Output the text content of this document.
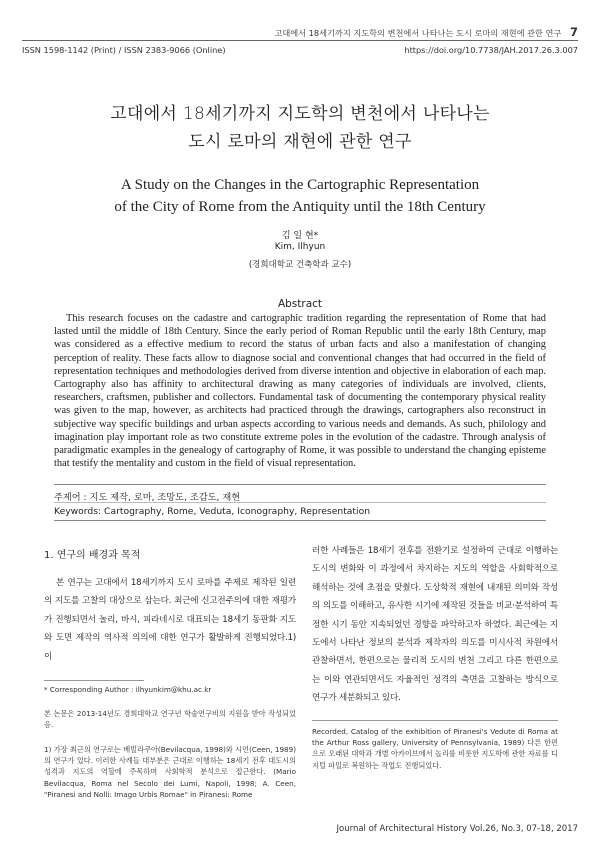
고대에서 18세기까지 지도학의 변천에서 나타나는 도시 로마의 재현에 관한 연구 7
ISSN 1598-1142 (Print) / ISSN 2383-9066 (Online)	https://doi.org/10.7738/JAH.2017.26.3.007
고대에서 18세기까지 지도학의 변천에서 나타나는
도시 로마의 재현에 관한 연구
A Study on the Changes in the Cartographic Representation
of the City of Rome from the Antiquity until the 18th Century
김 일 현*
Kim, Ilhyun
(경희대학교 건축학과 교수)
Abstract
This research focuses on the cadastre and cartographic tradition regarding the representation of Rome that had lasted until the middle of 18th Century. Since the early period of Roman Republic until the early 18th Century, map was considered as a effective medium to record the status of urban facts and also a manifestation of changing perception of reality. These facts allow to diagnose social and conventional changes that had occurred in the field of representation techniques and methodologies derived from diverse intention and objective in elaboration of each map. Cartography also has affinity to architectural drawing as many categories of individuals are involved, clients, researchers, craftsmen, publisher and collectors. Fundamental task of documenting the contemporary physical reality was given to the map, however, as architects had practiced through the drawings, cartographers also reconstruct in subjective way specific buildings and urban aspects according to various needs and demands. As such, philology and imagination play important role as two constitute extreme poles in the evolution of the cadastre. Through analysis of paradigmatic examples in the genealogy of cartography of Rome, it was possible to understand the changing episteme that testify the mentality and custom in the field of visual representation.
주제어 : 지도 제작, 로마, 조망도, 조감도, 재현
Keywords: Cartography, Rome, Veduta, Iconography, Representation
1. 연구의 배경과 목적
본 연구는 고대에서 18세기까지 도시 로마를 주제로 제작된 일련의 지도를 고찰의 대상으로 삼는다. 최근에 신고전주의에 대한 재평가가 진행되면서 놀리, 바시, 피라네시로 대표되는 18세기 동판화 지도와 도면 제작의 역사적 의의에 대한 연구가 활발하게 진행되었다.1) 이
러한 사례들은 18세기 전후를 전환기로 설정하여 근대로 이행하는 도시의 변화와 이 과정에서 차지하는 지도의 역할을 사회학적으로 해석하는 것에 초점을 맞췄다. 도상학적 재현에 내재된 의미와 작성의 의도를 이해하고, 유사한 시기에 제작된 것들을 비교·분석하여 특정한 시기 동안 지속되었던 경향을 파악하고자 하였다. 최근에는 지도에서 나타난 정보의 분석과 제작자의 의도를 미시사적 차원에서 관찰하면서, 한편으로는 물리적 도시의 변천 그리고 다른 한편으로는 이와 연관되면서도 자율적인 성격의 측면을 고찰하는 방식으로 연구가 세분화되고 있다.
* Corresponding Author : ilhyunkim@khu.ac.kr
본 논문은 2013-14년도 경희대학교 연구년 학술연구비의 지원을 받아 작성되었음.
1) 가장 최근의 연구로는 베빌라쿠아(Bevilacqua, 1998)와 시언(Ceen, 1989)의 연구가 있다. 이러한 사례들 대부분은 근대로 이행하는 18세기 전후 대도시의 성격과 지도의 역할에 주목하며 사회학적 분석으로 접근한다. (Mario Bevilacqua, Roma nel Secolo dei Lumi, Napoli, 1998; A. Ceen, "Piranesi and Nolli: Imago Urbis Romae" in Piranesi: Rome
Recorded, Catalog of the exhibition of Piranesi's Vedute di Roma at the Arthur Ross gallery, University of Pennsylvania, 1989) 다른 한편으로 오래된 대학과 개별 아카이브에서 놀리를 비롯한 지도학에 관한 자료를 디지털 파일로 복원하는 작업도 진행되었다.
Journal of Architectural History Vol.26, No.3, 07-18, 2017
